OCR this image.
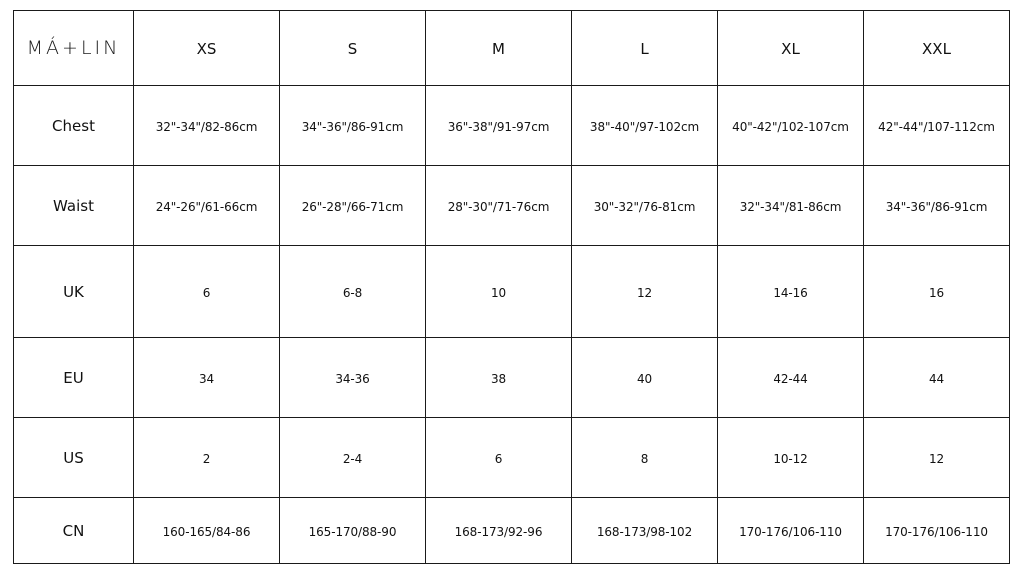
MÁ+LIN	XS	S	M	L	XL	XXL
Chest	32"-34"/82-86cm	34"-36"/86-91cm	36"-38"/91-97cm	38"-40"/97-102cm	40"-42"/102-107cm	42"-44"/107-112cm
Waist	24"-26"/61-66cm	26"-28"/66-71cm	28"-30"/71-76cm	30"-32"/76-81cm	32"-34"/81-86cm	34"-36"/86-91cm
UK	6	6-8	10	12	14-16	16
EU	34	34-36	38	40	42-44	44
US	2	2-4	6	8	10-12	12
CN	160-165/84-86	165-170/88-90	168-173/92-96	168-173/98-102	170-176/106-110	170-176/106-110
